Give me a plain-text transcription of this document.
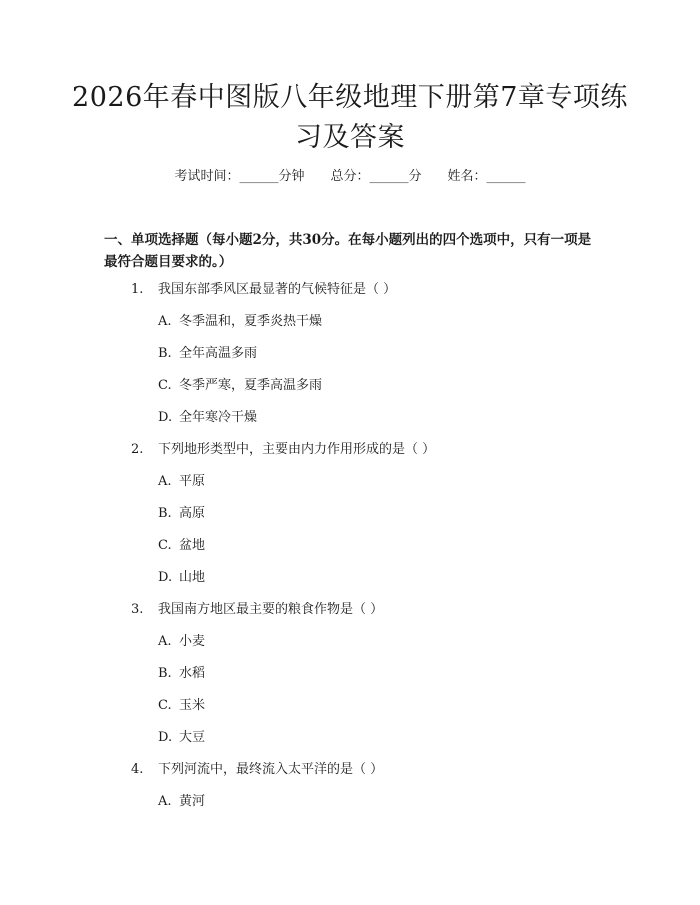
2026年春中图版八年级地理下册第7章专项练习及答案
考试时间：______分钟 总分：______分 姓名：______
一、单项选择题（每小题2分，共30分。在每小题列出的四个选项中，只有一项是最符合题目要求的。）
1. 我国东部季风区最显著的气候特征是（ ）
A. 冬季温和，夏季炎热干燥
B. 全年高温多雨
C. 冬季严寒，夏季高温多雨
D. 全年寒冷干燥
2. 下列地形类型中，主要由内力作用形成的是（ ）
A. 平原
B. 高原
C. 盆地
D. 山地
3. 我国南方地区最主要的粮食作物是（ ）
A. 小麦
B. 水稻
C. 玉米
D. 大豆
4. 下列河流中，最终流入太平洋的是（ ）
A. 黄河
